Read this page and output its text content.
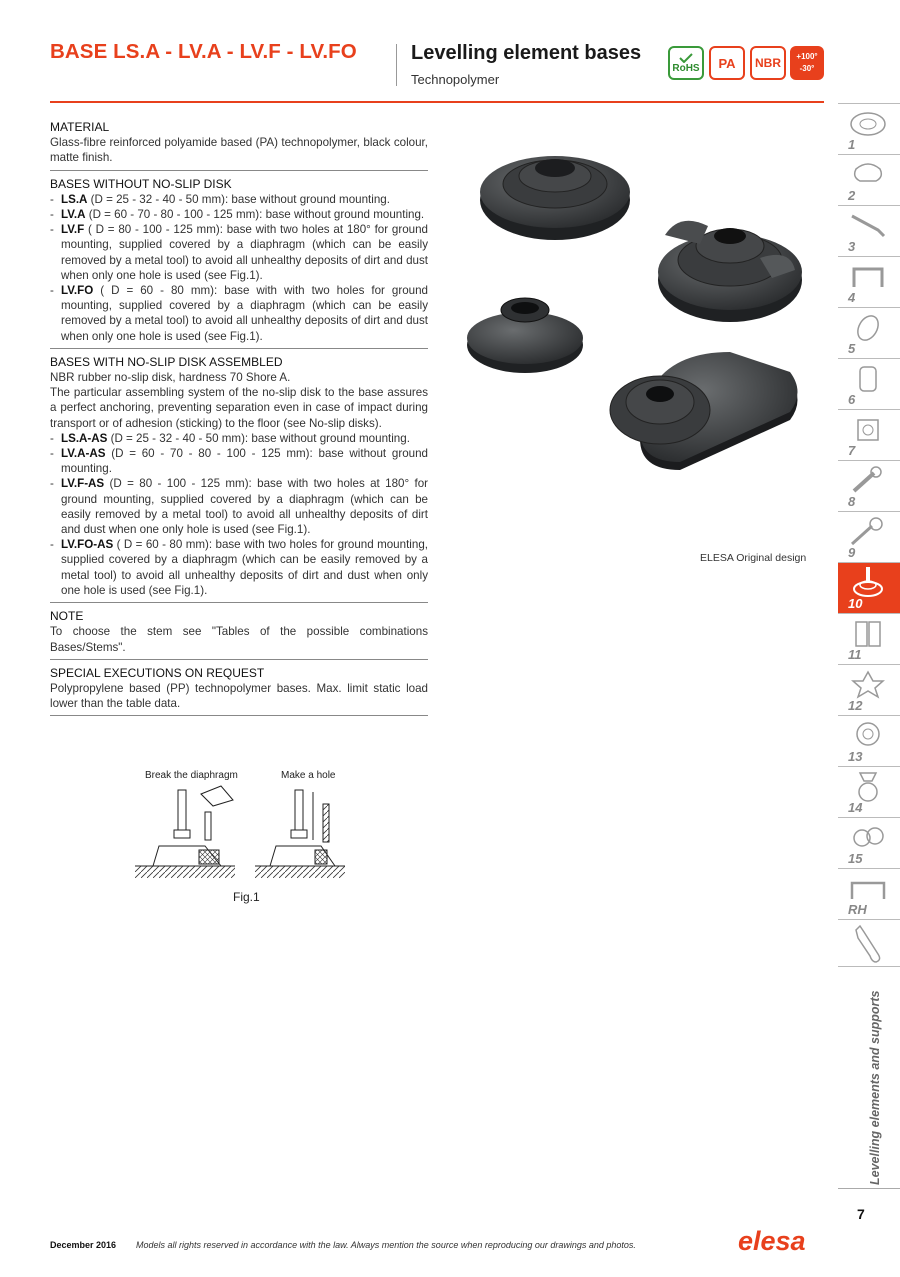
BASE LS.A - LV.A - LV.F - LV.FO	Levelling element bases
Technopolymer
RoHS	PA	NBR	+100°
-30°
MATERIAL
Glass-fibre reinforced polyamide based (PA) technopolymer, black colour, matte finish.
BASES WITHOUT NO-SLIP DISK
- LS.A (D = 25 - 32 - 40 - 50 mm): base without ground mounting.
- LV.A (D = 60 - 70 - 80 - 100 - 125 mm): base without ground mounting.
- LV.F ( D = 80 - 100 - 125 mm): base with two holes at 180° for ground mounting, supplied covered by a diaphragm (which can be easily removed by a metal tool) to avoid all unhealthy deposits of dirt and dust when only one hole is used (see Fig.1).
- LV.FO ( D = 60 - 80 mm): base with with two holes for ground mounting, supplied covered by a diaphragm (which can be easily removed by a metal tool) to avoid all unhealthy deposits of dirt and dust when only one hole is used (see Fig.1).
BASES WITH NO-SLIP DISK ASSEMBLED
NBR rubber no-slip disk, hardness 70 Shore A.
The particular assembling system of the no-slip disk to the base assures a perfect anchoring, preventing separation even in case of impact during transport or of adhesion (sticking) to the floor (see No-slip disks).
- LS.A-AS (D = 25 - 32 - 40 - 50 mm): base without ground mounting.
- LV.A-AS (D = 60 - 70 - 80 - 100 - 125 mm): base without ground mounting.
- LV.F-AS (D = 80 - 100 - 125 mm): base with two holes at 180° for ground mounting, supplied covered by a diaphragm (which can be easily removed by a metal tool) to avoid all unhealthy deposits of dirt and dust when one only hole is used (see Fig.1).
- LV.FO-AS ( D = 60 - 80 mm): base with two holes for ground mounting, supplied covered by a diaphragm (which can be easily removed by a metal tool) to avoid all unhealthy deposits of dirt and dust when only one hole is used (see Fig.1).
NOTE
To choose the stem see "Tables of the possible combinations Bases/Stems".
SPECIAL EXECUTIONS ON REQUEST
Polypropylene based (PP) technopolymer bases. Max. limit static load lower than the table data.
Break the diaphragm	Make a hole
Fig.1
ELESA Original design
1
2
3
4
5
6
7
8
9
10
11
12
13
14
15
RH
Levelling elements and supports
7
December 2016 Models all rights reserved in accordance with the law. Always mention the source when reproducing our drawings and photos.	elesa
